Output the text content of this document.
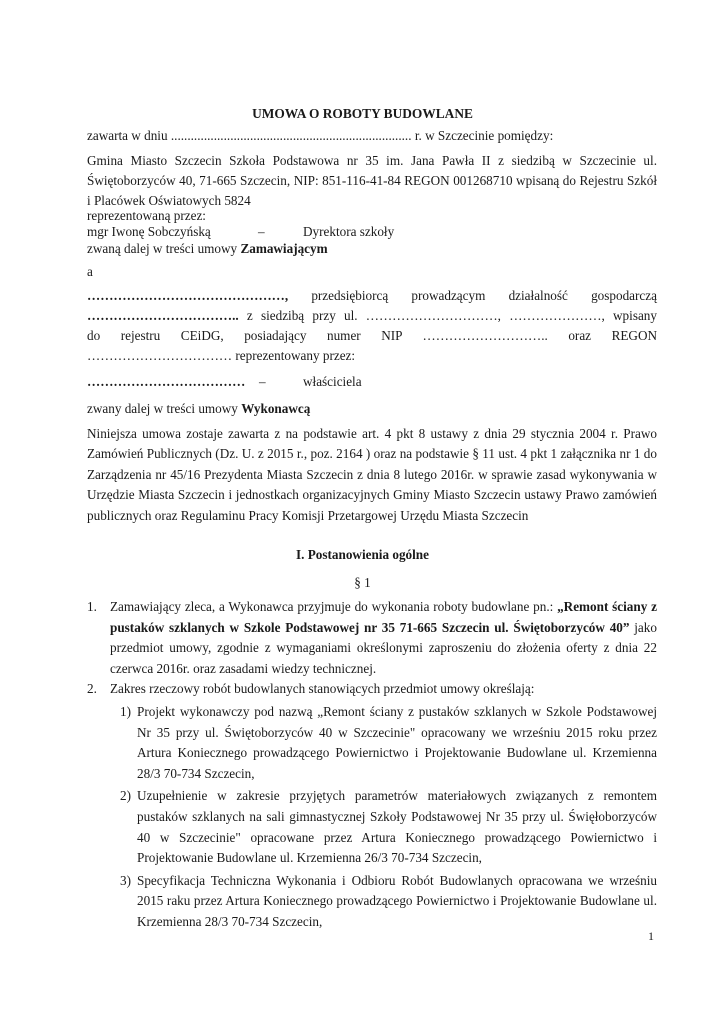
UMOWA O ROBOTY BUDOWLANE

zawarta w dniu ......................................................................... r. w Szczecinie pomiędzy:

Gmina Miasto Szczecin Szkoła Podstawowa nr 35 im. Jana Pawła II z siedzibą w Szczecinie ul. Świętoborzyców 40, 71-665 Szczecin, NIP: 851-116-41-84 REGON 001268710 wpisaną do Rejestru Szkół i Placówek Oświatowych 5824

reprezentowaną przez:

mgr Iwonę Sobczyńską	–	Dyrektora szkoły

zwaną dalej w treści umowy Zamawiającym

a

………………………………………, przedsiębiorcą prowadzącym działalność gospodarczą

…………………………….. z siedzibą przy ul. …………………………, …………………, wpisany

do rejestru CEiDG, posiadający numer NIP ……………………….. oraz REGON

…………………………… reprezentowany przez:

……………………………… –	właściciela

zwany dalej w treści umowy Wykonawcą

Niniejsza umowa zostaje zawarta z na podstawie art. 4 pkt 8 ustawy z dnia 29 stycznia 2004 r. Prawo Zamówień Publicznych (Dz. U. z 2015 r., poz. 2164 ) oraz na podstawie § 11 ust. 4 pkt 1 załącznika nr 1 do Zarządzenia nr 45/16 Prezydenta Miasta Szczecin z dnia 8 lutego 2016r. w sprawie zasad wykonywania w Urzędzie Miasta Szczecin i jednostkach organizacyjnych Gminy Miasto Szczecin ustawy Prawo zamówień publicznych oraz Regulaminu Pracy Komisji Przetargowej Urzędu Miasta Szczecin

I. Postanowienia ogólne
§ 1
1. Zamawiający zleca, a Wykonawca przyjmuje do wykonania roboty budowlane pn.: „Remont ściany z pustaków szklanych w Szkole Podstawowej nr 35 71-665 Szczecin ul. Świętoborzyców 40” jako przedmiot umowy, zgodnie z wymaganiami określonymi zaproszeniu do złożenia oferty z dnia 22 czerwca 2016r. oraz zasadami wiedzy technicznej.
2. Zakres rzeczowy robót budowlanych stanowiących przedmiot umowy określają:
1) Projekt wykonawczy pod nazwą „Remont ściany z pustaków szklanych w Szkole Podstawowej Nr 35 przy ul. Świętoborzyców 40 w Szczecinie" opracowany we wrześniu 2015 roku przez Artura Koniecznego prowadzącego Powiernictwo i Projektowanie Budowlane ul. Krzemienna 28/3 70-734 Szczecin,
2) Uzupełnienie w zakresie przyjętych parametrów materiałowych związanych z remontem pustaków szklanych na sali gimnastycznej Szkoły Podstawowej Nr 35 przy ul. Święłoborzyców 40 w Szczecinie" opracowane przez Artura Koniecznego prowadzącego Powiernictwo i Projektowanie Budowlane ul. Krzemienna 26/3 70-734 Szczecin,
3) Specyfikacja Techniczna Wykonania i Odbioru Robót Budowlanych opracowana we wrześniu 2015 raku przez Artura Koniecznego prowadzącego Powiernictwo i Projektowanie Budowlane ul. Krzemienna 28/3 70-734 Szczecin,
1
